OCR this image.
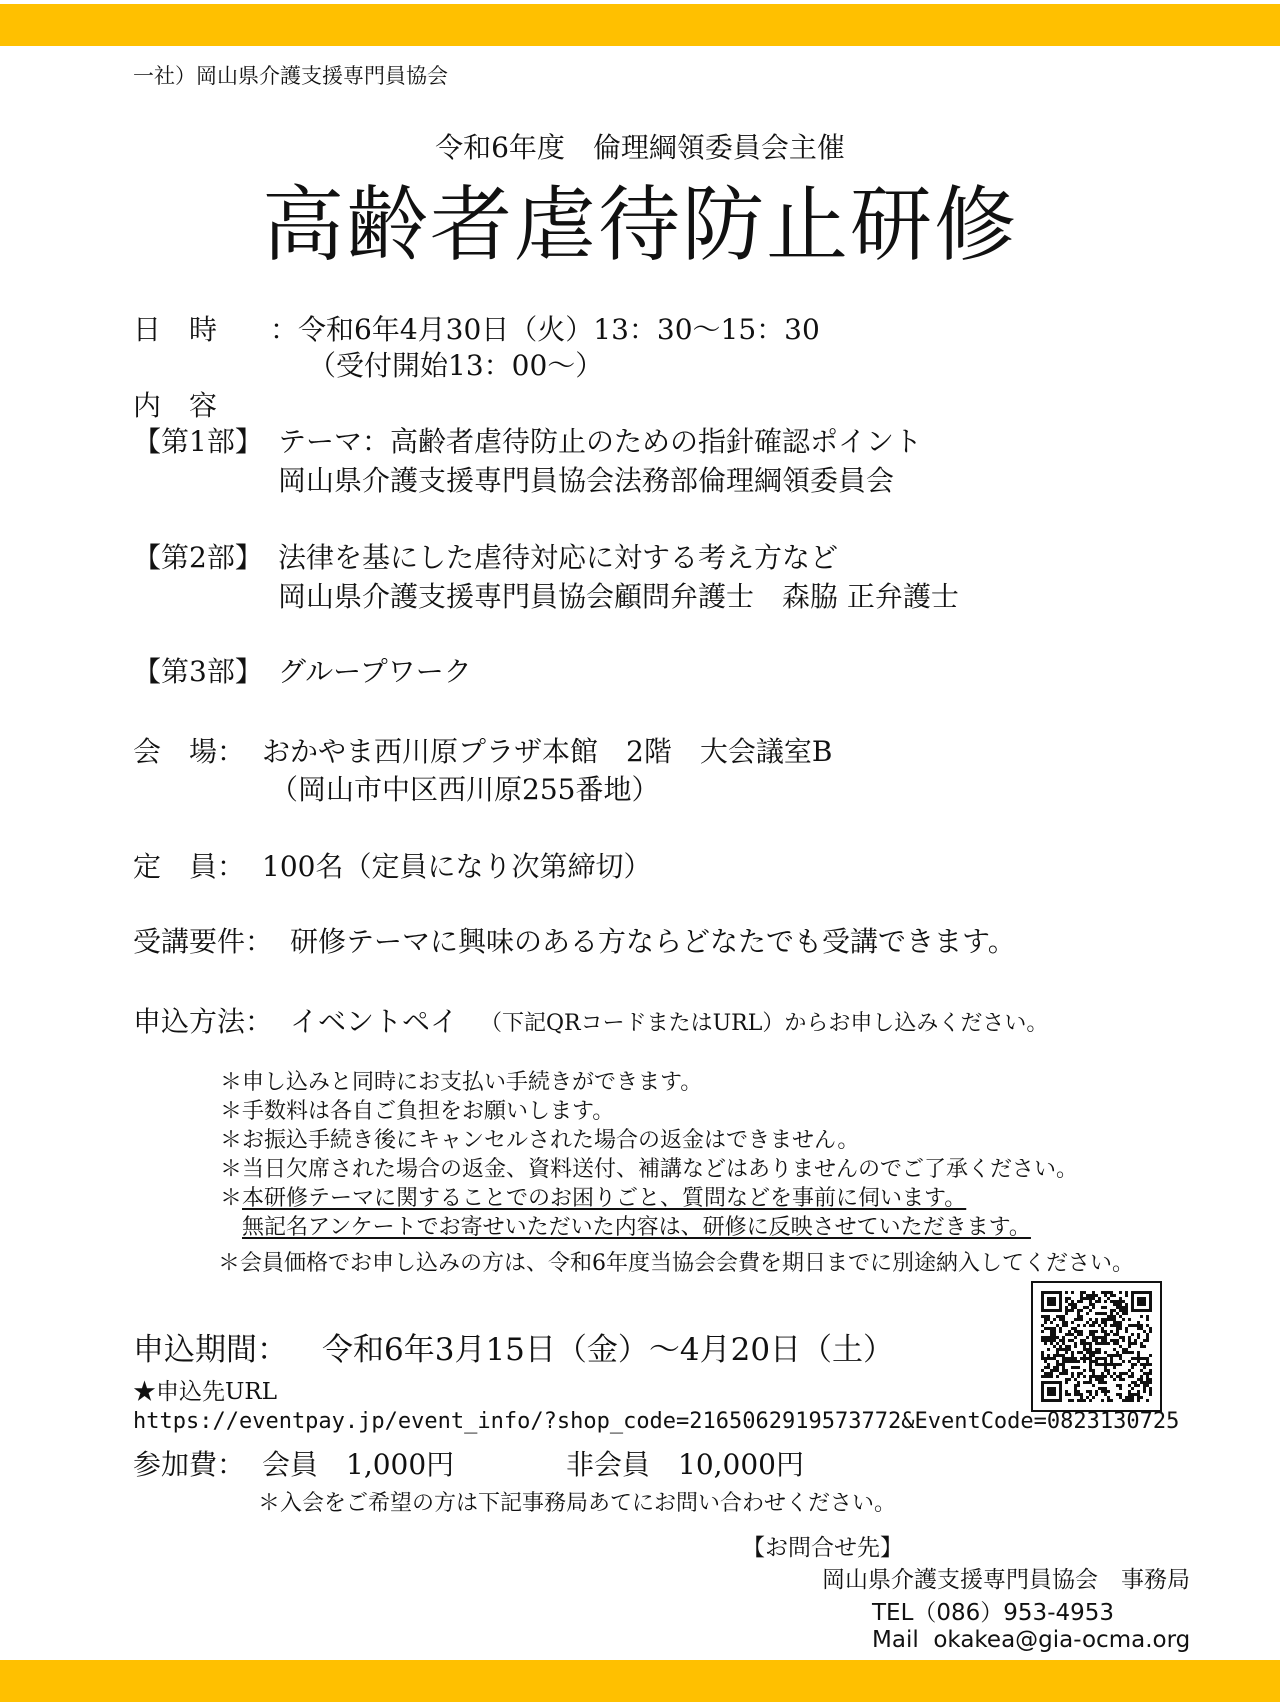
一社）岡山県介護支援専門員協会
令和6年度　倫理綱領委員会主催
高齢者虐待防止研修
日　時 ：令和6年4月30日（火）13：30〜15：30
（受付開始13：00〜）
内　容
【第1部】 テーマ：高齢者虐待防止のための指針確認ポイント
岡山県介護支援専門員協会法務部倫理綱領委員会
【第2部】 法律を基にした虐待対応に対する考え方など
岡山県介護支援専門員協会顧問弁護士　森脇 正弁護士
【第3部】 グループワーク
会　場： おかやま西川原プラザ本館　2階　大会議室B
（岡山市中区西川原255番地）
定　員： 100名（定員になり次第締切）
受講要件： 研修テーマに興味のある方ならどなたでも受講できます。
申込方法： イベントペイ （下記QRコードまたはURL）からお申し込みください。
＊申し込みと同時にお支払い手続きができます。
＊手数料は各自ご負担をお願いします。
＊お振込手続き後にキャンセルされた場合の返金はできません。
＊当日欠席された場合の返金、資料送付、補講などはありませんのでご了承ください。
＊ 本研修テーマに関することでのお困りごと、質問などを事前に伺います。
無記名アンケートでお寄せいただいた内容は、研修に反映させていただきます。
＊会員価格でお申し込みの方は、令和6年度当協会会費を期日までに別途納入してください。
申込期間： 令和6年3月15日（金）〜4月20日（土）
★申込先URL
https://eventpay.jp/event_info/?shop_code=2165062919573772&EventCode=0823130725
参加費： 会員　1,000円	非会員　10,000円
＊入会をご希望の方は下記事務局あてにお問い合わせください。
【お問合せ先】
岡山県介護支援専門員協会　事務局
TEL（086）953-4953
Mail  okakea@gia-ocma.org
